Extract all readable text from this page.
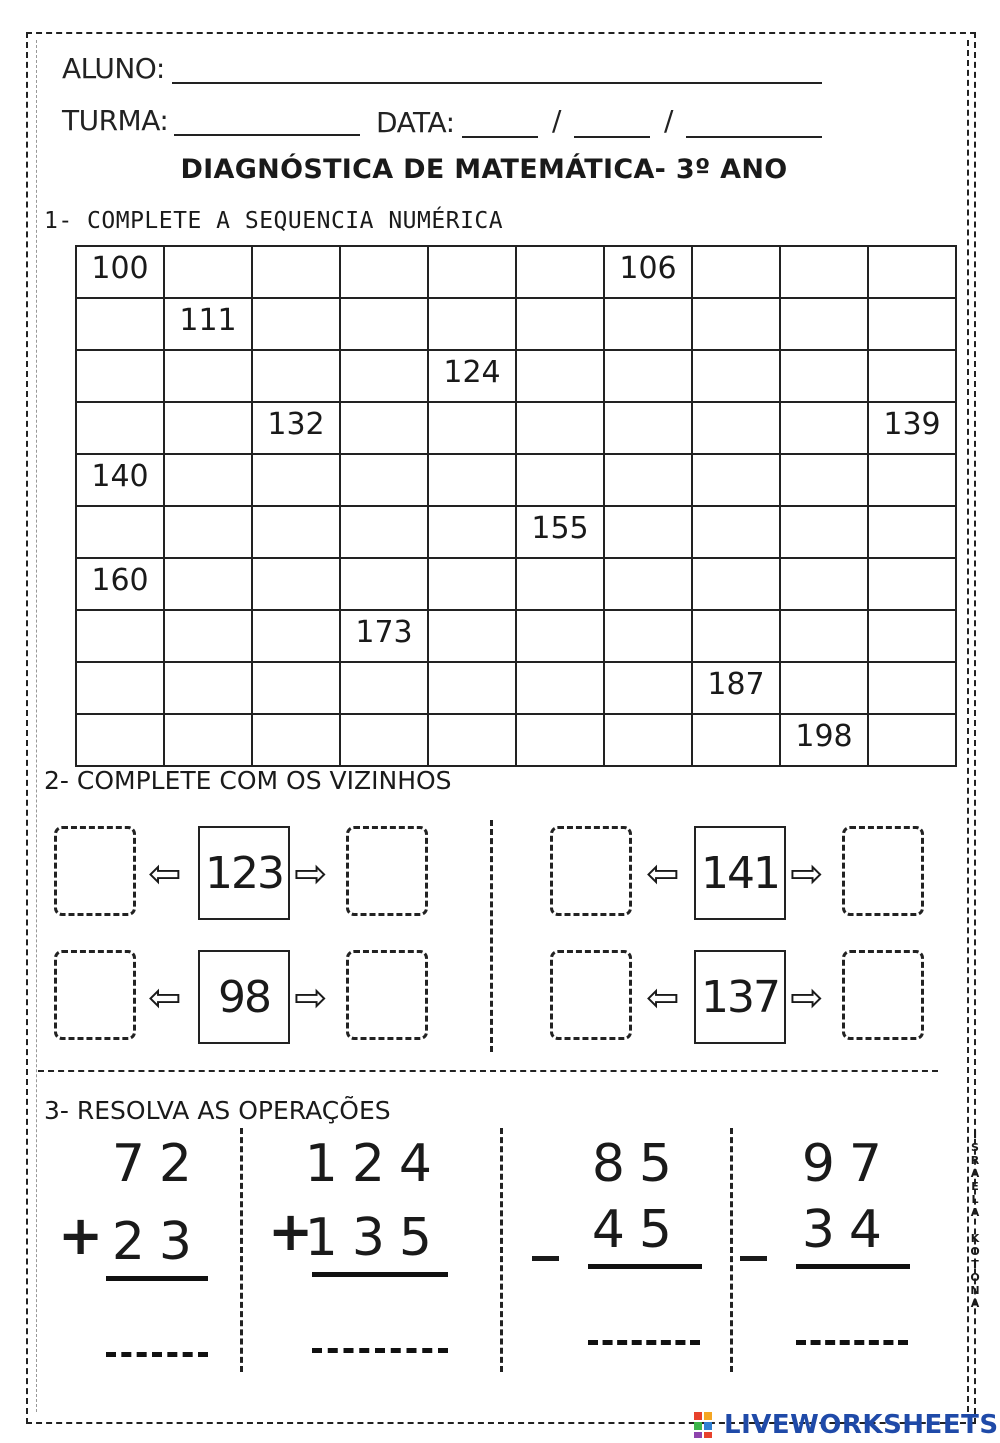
ALUNO:
TURMA:	DATA:	/	/
DIAGNÓSTICA DE MATEMÁTICA- 3º ANO
1- COMPLETE A SEQUENCIA NUMÉRICA
100						106			
	111								
				124					
		132							139
140									
					155				
160									
			173						
							187		
								198	
2- COMPLETE COM OS VIZINHOS
⇦ 123 ⇨	⇦ 141 ⇨
⇦ 98 ⇨	⇦ 137 ⇨
3- RESOLVA AS OPERAÇÕES
72
+ 23
124
+
135
85
_ 45
97
_ 34
I
S
R
A
E
L
A

K
O
T
O
N
A
LIVEWORKSHEETS
